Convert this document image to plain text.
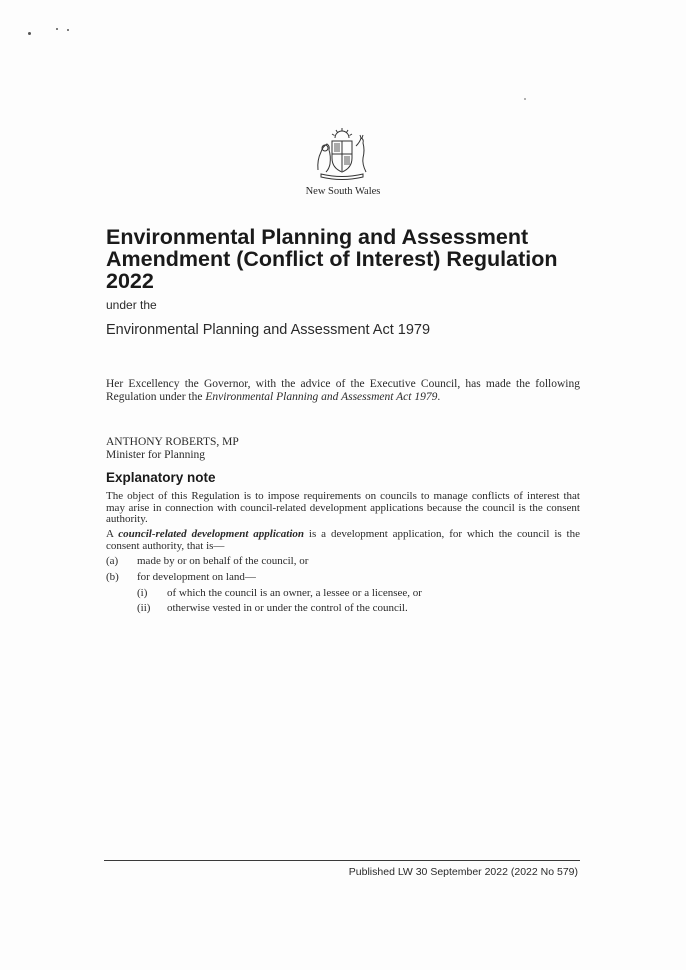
New South Wales
Environmental Planning and Assessment
Amendment (Conflict of Interest) Regulation
2022
under the
Environmental Planning and Assessment Act 1979
Her Excellency the Governor, with the advice of the Executive Council, has made the following Regulation under the Environmental Planning and Assessment Act 1979.
ANTHONY ROBERTS, MP
Minister for Planning
Explanatory note
The object of this Regulation is to impose requirements on councils to manage conflicts of interest that may arise in connection with council-related development applications because the council is the consent authority.
A council-related development application is a development application, for which the council is the consent authority, that is—
(a) made by or on behalf of the council, or
(b) for development on land—
(i) of which the council is an owner, a lessee or a licensee, or
(ii) otherwise vested in or under the control of the council.
Published LW 30 September 2022 (2022 No 579)
